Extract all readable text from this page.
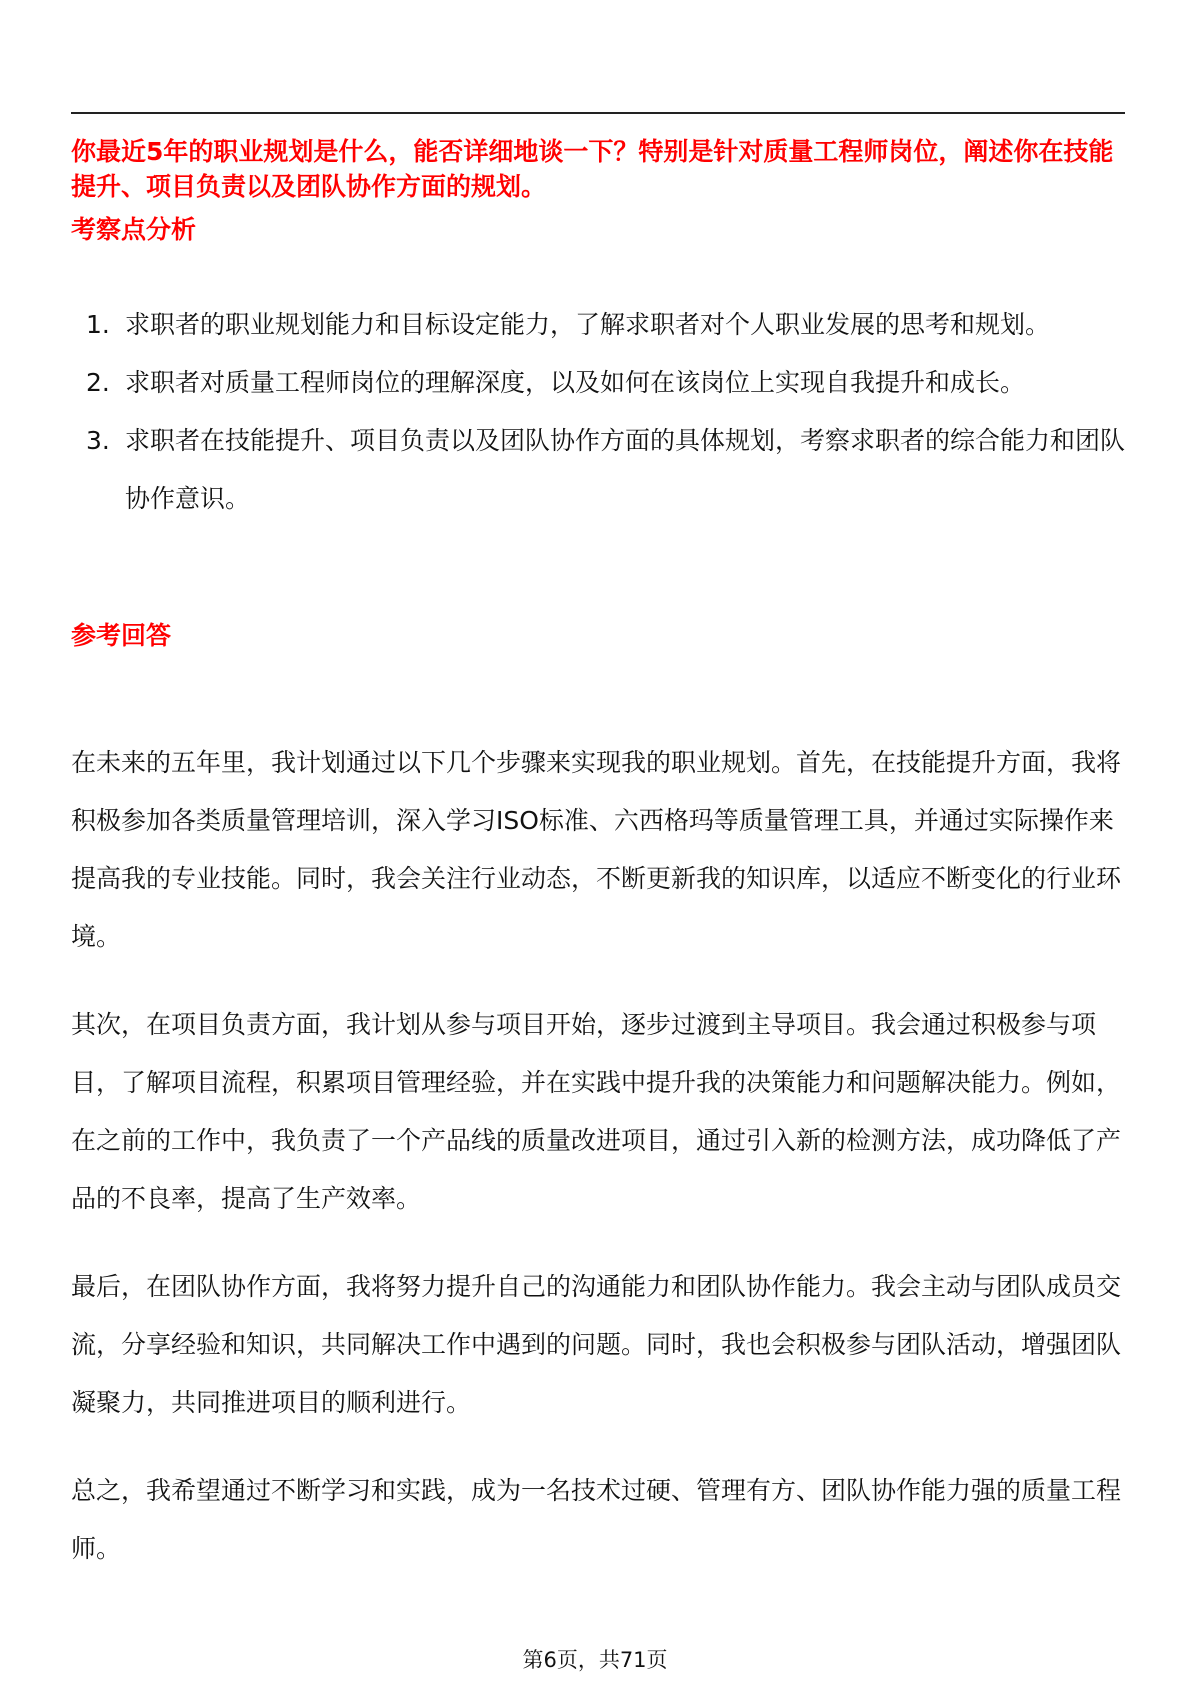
你最近5年的职业规划是什么，能否详细地谈一下？特别是针对质量工程师岗位，阐述你在技能提升、项目负责以及团队协作方面的规划。
考察点分析
1. 求职者的职业规划能力和目标设定能力，了解求职者对个人职业发展的思考和规划。
2. 求职者对质量工程师岗位的理解深度，以及如何在该岗位上实现自我提升和成长。
3. 求职者在技能提升、项目负责以及团队协作方面的具体规划，考察求职者的综合能力和团队协作意识。
参考回答

在未来的五年里，我计划通过以下几个步骤来实现我的职业规划。首先，在技能提升方面，我将积极参加各类质量管理培训，深入学习ISO标准、六西格玛等质量管理工具，并通过实际操作来提高我的专业技能。同时，我会关注行业动态，不断更新我的知识库，以适应不断变化的行业环境。

其次，在项目负责方面，我计划从参与项目开始，逐步过渡到主导项目。我会通过积极参与项目，了解项目流程，积累项目管理经验，并在实践中提升我的决策能力和问题解决能力。例如，在之前的工作中，我负责了一个产品线的质量改进项目，通过引入新的检测方法，成功降低了产品的不良率，提高了生产效率。

最后，在团队协作方面，我将努力提升自己的沟通能力和团队协作能力。我会主动与团队成员交流，分享经验和知识，共同解决工作中遇到的问题。同时，我也会积极参与团队活动，增强团队凝聚力，共同推进项目的顺利进行。

总之，我希望通过不断学习和实践，成为一名技术过硬、管理有方、团队协作能力强的质量工程师。

第6页，共71页
